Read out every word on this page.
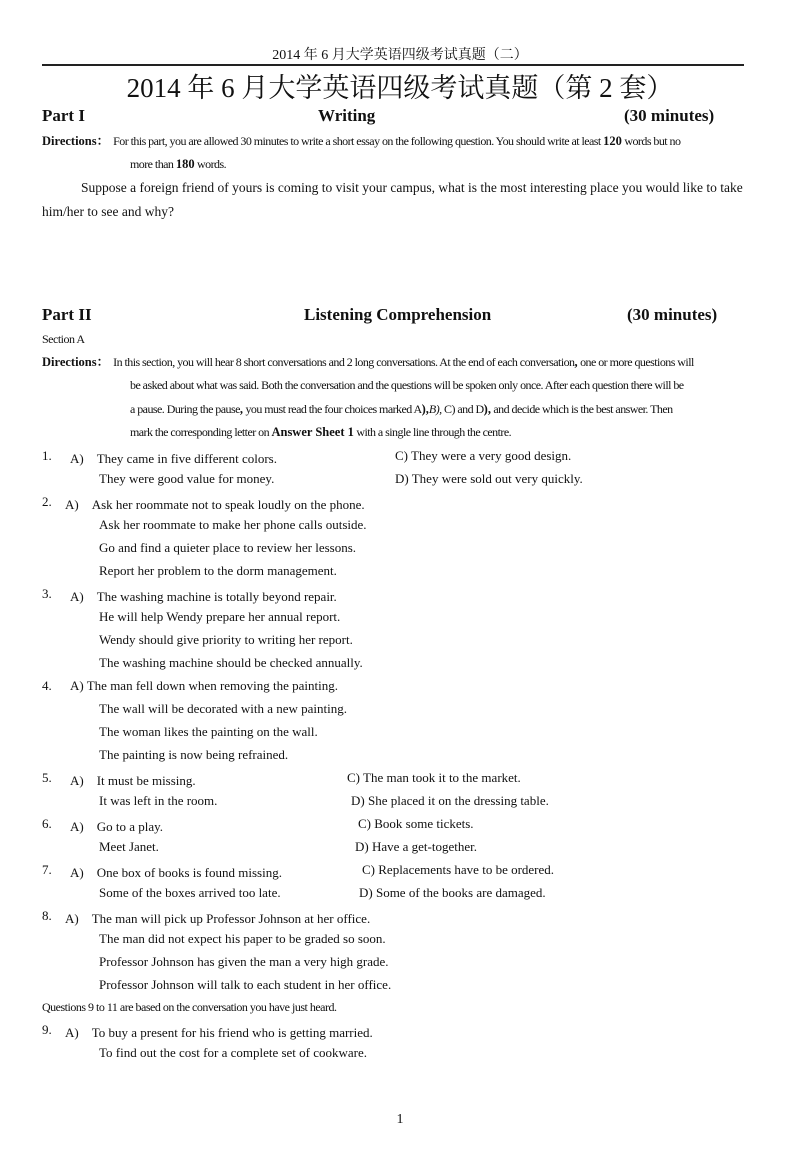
2014 年 6 月大学英语四级考试真题（二）
2014 年 6 月大学英语四级考试真题（第 2 套）
Part I	Writing	(30 minutes)
Directions： For this part, you are allowed 30 minutes to write a short essay on the following question. You should write at least 120 words but no
more than 180 words.
Suppose a foreign friend of yours is coming to visit your campus, what is the most interesting place you would like to take
him/her to see and why?
Part II	Listening Comprehension	(30 minutes)
Section A
Directions： In this section, you will hear 8 short conversations and 2 long conversations. At the end of each conversation, one or more questions will
be asked about what was said. Both the conversation and the questions will be spoken only once. After each question there will be
a pause. During the pause, you must read the four choices marked A),B), C) and D), and decide which is the best answer. Then
mark the corresponding letter on Answer Sheet 1 with a single line through the centre.
1. A)　They came in five different colors.
They were good value for money.
C) They were a very good design.
D) They were sold out very quickly.
2. A)　Ask her roommate not to speak loudly on the phone.
Ask her roommate to make her phone calls outside.
Go and find a quieter place to review her lessons.
Report her problem to the dorm management.
3. A)　The washing machine is totally beyond repair.
He will help Wendy prepare her annual report.
Wendy should give priority to writing her report.
The washing machine should be checked annually.
4. A) The man fell down when removing the painting.
The wall will be decorated with a new painting.
The woman likes the painting on the wall.
The painting is now being refrained.
5. A)　It must be missing.
It was left in the room.
C) The man took it to the market.
D) She placed it on the dressing table.
6. A)　Go to a play.
Meet Janet.
C) Book some tickets.
D) Have a get-together.
7. A)　One box of books is found missing.
Some of the boxes arrived too late.
C) Replacements have to be ordered.
D) Some of the books are damaged.
8. A)　The man will pick up Professor Johnson at her office.
The man did not expect his paper to be graded so soon.
Professor Johnson has given the man a very high grade.
Professor Johnson will talk to each student in her office.
Questions 9 to 11 are based on the conversation you have just heard.
9. A)　To buy a present for his friend who is getting married.
To find out the cost for a complete set of cookware.
1
